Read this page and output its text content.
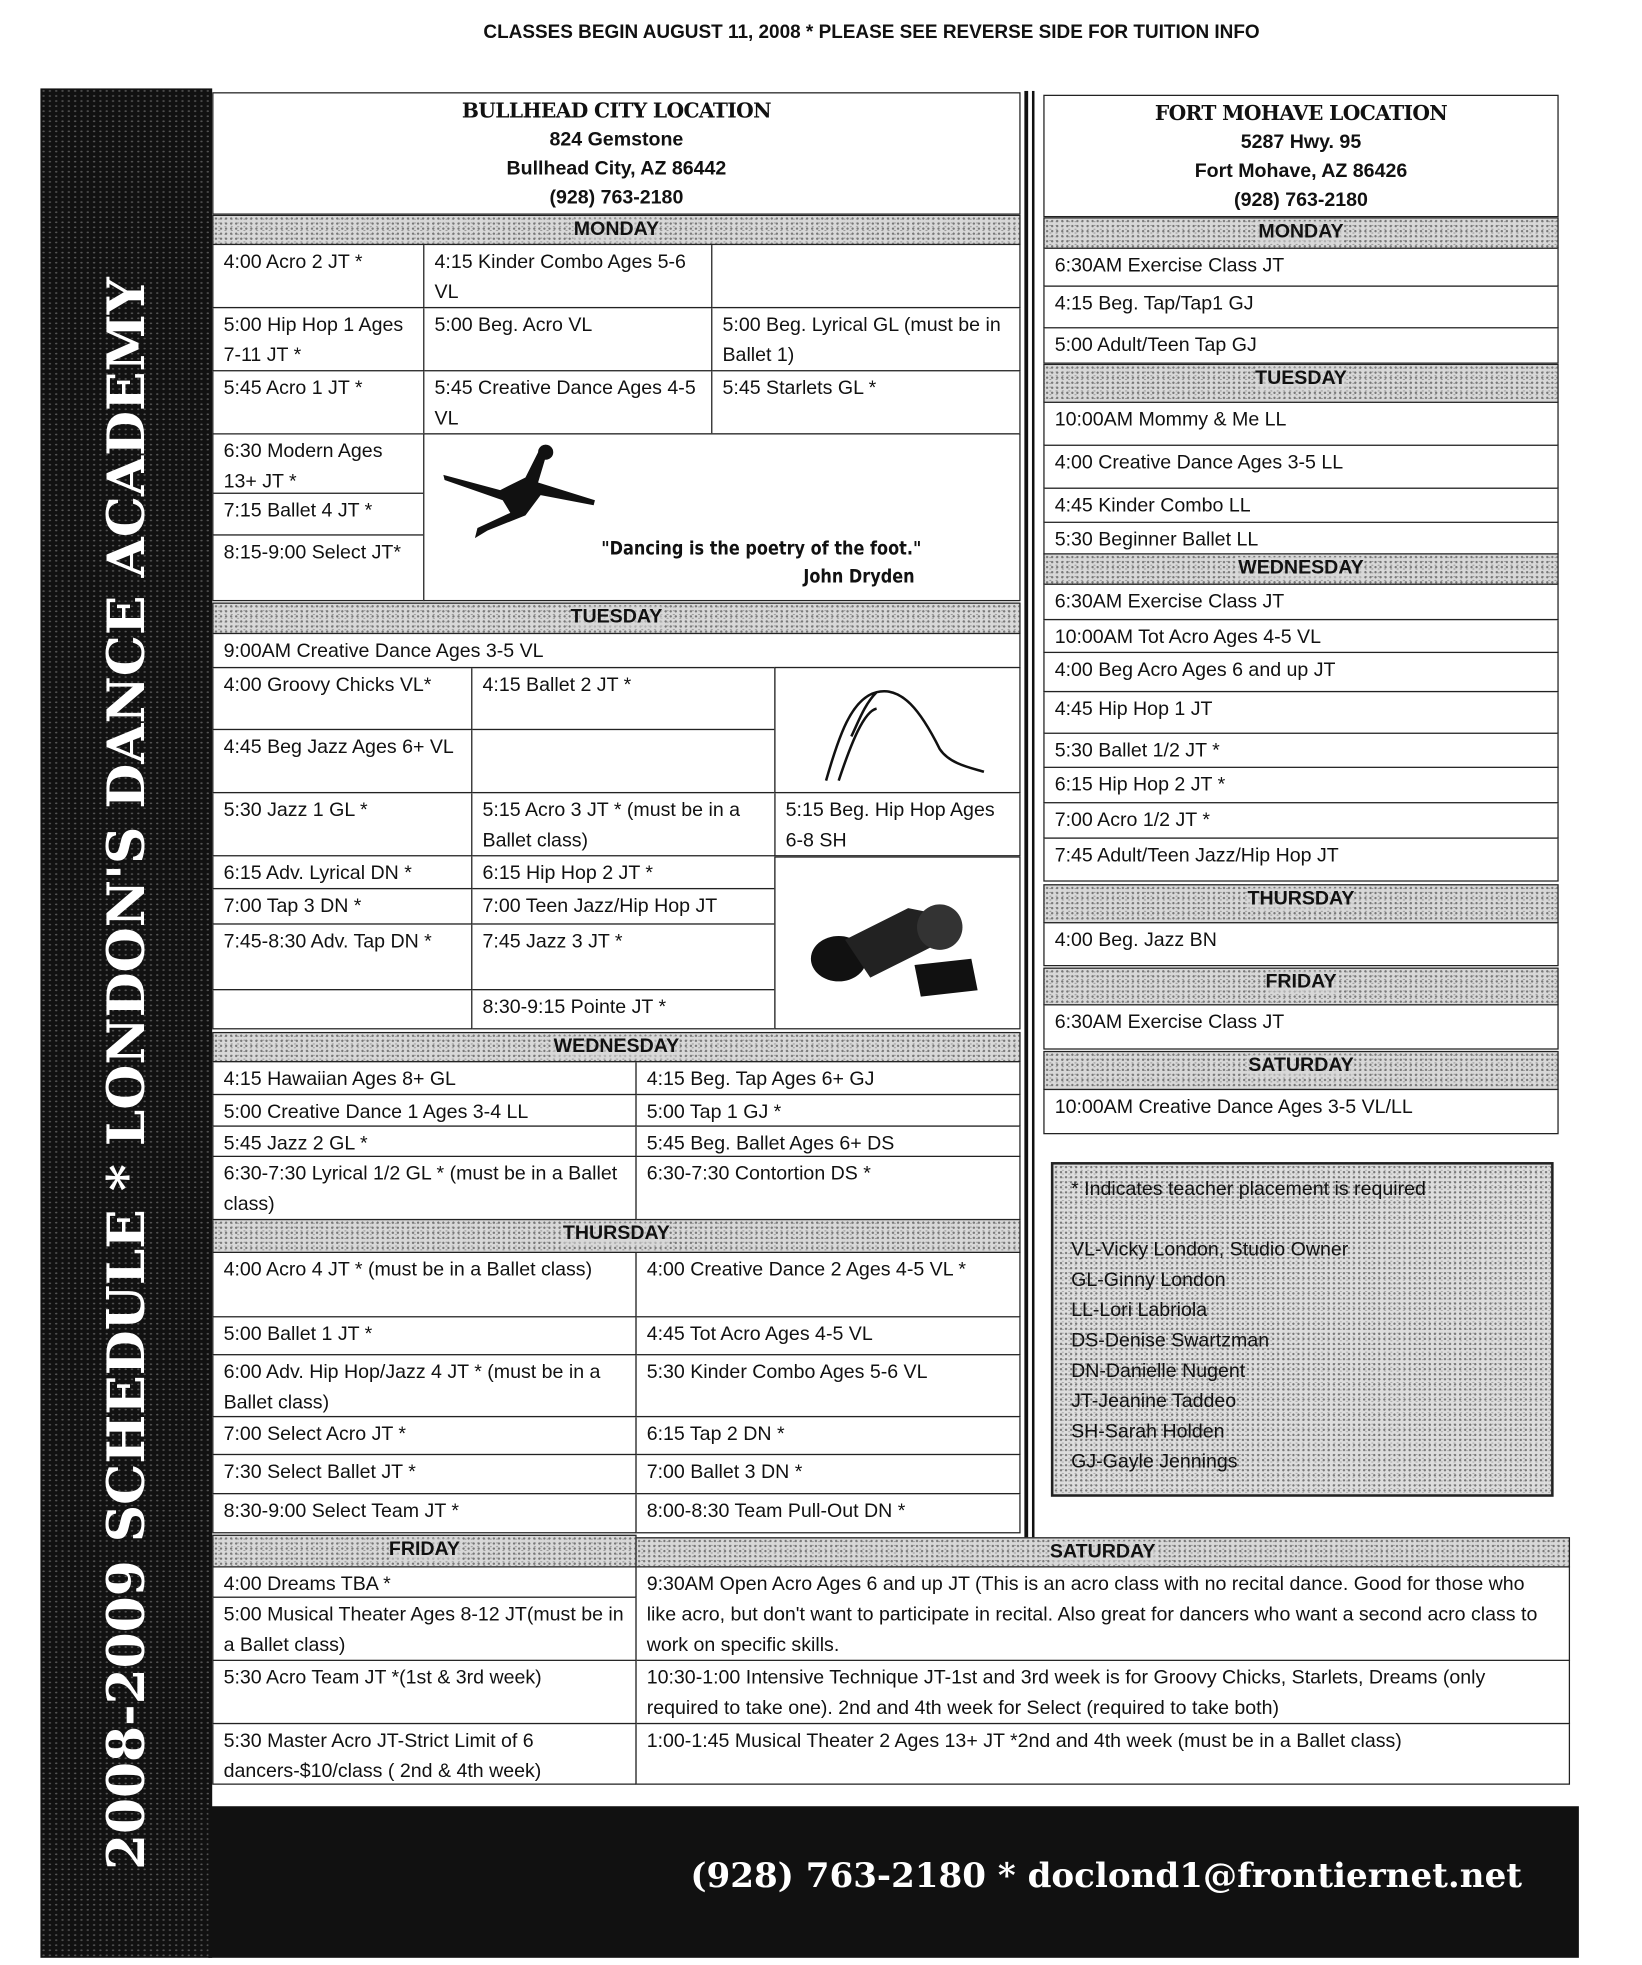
10:00AM Creative Dance Ages 3-5 VL/LL
SATURDAY
6:30AM Exercise Class JT
FRIDAY
4:00 Beg. Jazz BN
THURSDAY
7:45 Adult/Teen Jazz/Hip Hop JT
7:00 Acro 1/2 JT *
6:15 Hip Hop 2 JT *
5:30 Ballet 1/2 JT *
4:45 Hip Hop 1 JT
4:00 Beg Acro Ages 6 and up JT
10:00AM Tot Acro Ages 4-5 VL
6:30AM Exercise Class JT
WEDNESDAY
5:30 Beginner Ballet LL
4:45 Kinder Combo LL
4:00 Creative Dance Ages 3-5 LL
10:00AM Mommy & Me LL
TUESDAY
5:00 Adult/Teen Tap GJ
4:15 Beg. Tap/Tap1 GJ
6:30AM Exercise Class JT
MONDAY
1:00-1:45 Musical Theater 2 Ages 13+ JT *2nd and 4th week (must be in a Ballet class)
10:30-1:00 Intensive Technique JT-1st and 3rd week is for Groovy Chicks, Starlets, Dreams (only required to take one). 2nd and 4th week for Select (required to take both)
9:30AM Open Acro Ages 6 and up JT (This is an acro class with no recital dance. Good for those who like acro, but don't want to participate in recital. Also great for dancers who want a second acro class to work on specific skills.
5:30 Master Acro JT-Strict Limit of 6 dancers-$10/class ( 2nd & 4th week)
5:30 Acro Team JT *(1st & 3rd week)
5:00 Musical Theater Ages 8-12 JT(must be in a Ballet class)
4:00 Dreams TBA *
SATURDAY
FRIDAY
8:00-8:30 Team Pull-Out DN *
8:30-9:00 Select Team JT *
7:00 Ballet 3 DN *
7:30 Select Ballet JT *
6:15 Tap 2 DN *
7:00 Select Acro JT *
5:30 Kinder Combo Ages 5-6 VL
6:00 Adv. Hip Hop/Jazz 4 JT * (must be in a Ballet class)
4:45 Tot Acro Ages 4-5 VL
5:00 Ballet 1 JT *
4:00 Creative Dance 2 Ages 4-5 VL *
4:00 Acro 4 JT * (must be in a Ballet class)
THURSDAY
6:30-7:30 Contortion DS *
6:30-7:30 Lyrical 1/2 GL * (must be in a Ballet class)
5:45 Beg. Ballet Ages 6+ DS
5:45 Jazz 2 GL *
5:00 Tap 1 GJ *
5:00 Creative Dance 1 Ages 3-4 LL
4:15 Beg. Tap Ages 6+ GJ
4:15 Hawaiian Ages 8+ GL
WEDNESDAY
8:30-9:15 Pointe JT *
7:45 Jazz 3 JT *
7:45-8:30 Adv. Tap DN *
7:00 Teen Jazz/Hip Hop JT
7:00 Tap 3 DN *
6:15 Hip Hop 2 JT *
6:15 Adv. Lyrical DN *
5:15 Beg. Hip Hop Ages 6-8 SH
5:15 Acro 3 JT * (must be in a Ballet class)
5:30 Jazz 1 GL *
4:45 Beg Jazz Ages 6+ VL
4:15 Ballet 2 JT *
4:00 Groovy Chicks VL*
9:00AM Creative Dance Ages 3-5 VL
TUESDAY
8:15-9:00 Select JT*
7:15 Ballet 4 JT *
6:30 Modern Ages 13+ JT *
5:45 Starlets GL *
5:45 Creative Dance Ages 4-5 VL
5:45 Acro 1 JT *
5:00 Beg. Lyrical GL (must be in Ballet 1)
5:00 Beg. Acro VL
5:00 Hip Hop 1 Ages 7-11 JT *
4:15 Kinder Combo Ages 5-6 VL
4:00 Acro 2 JT *
MONDAY
CLASSES BEGIN AUGUST 11, 2008 * PLEASE SEE REVERSE SIDE FOR TUITION INFO
2008-2009 SCHEDULE * LONDON'S DANCE ACADEMY
BULLHEAD CITY LOCATION
824 Gemstone
Bullhead City, AZ 86442
(928) 763-2180
FORT MOHAVE LOCATION
5287 Hwy. 95
Fort Mohave, AZ 86426
(928) 763-2180
"Dancing is the poetry of the foot."
John Dryden
* Indicates teacher placement is required
VL-Vicky London, Studio Owner
GL-Ginny London
LL-Lori Labriola
DS-Denise Swartzman
DN-Danielle Nugent
JT-Jeanine Taddeo
SH-Sarah Holden
GJ-Gayle Jennings
(928) 763-2180 * doclond1@frontiernet.net
